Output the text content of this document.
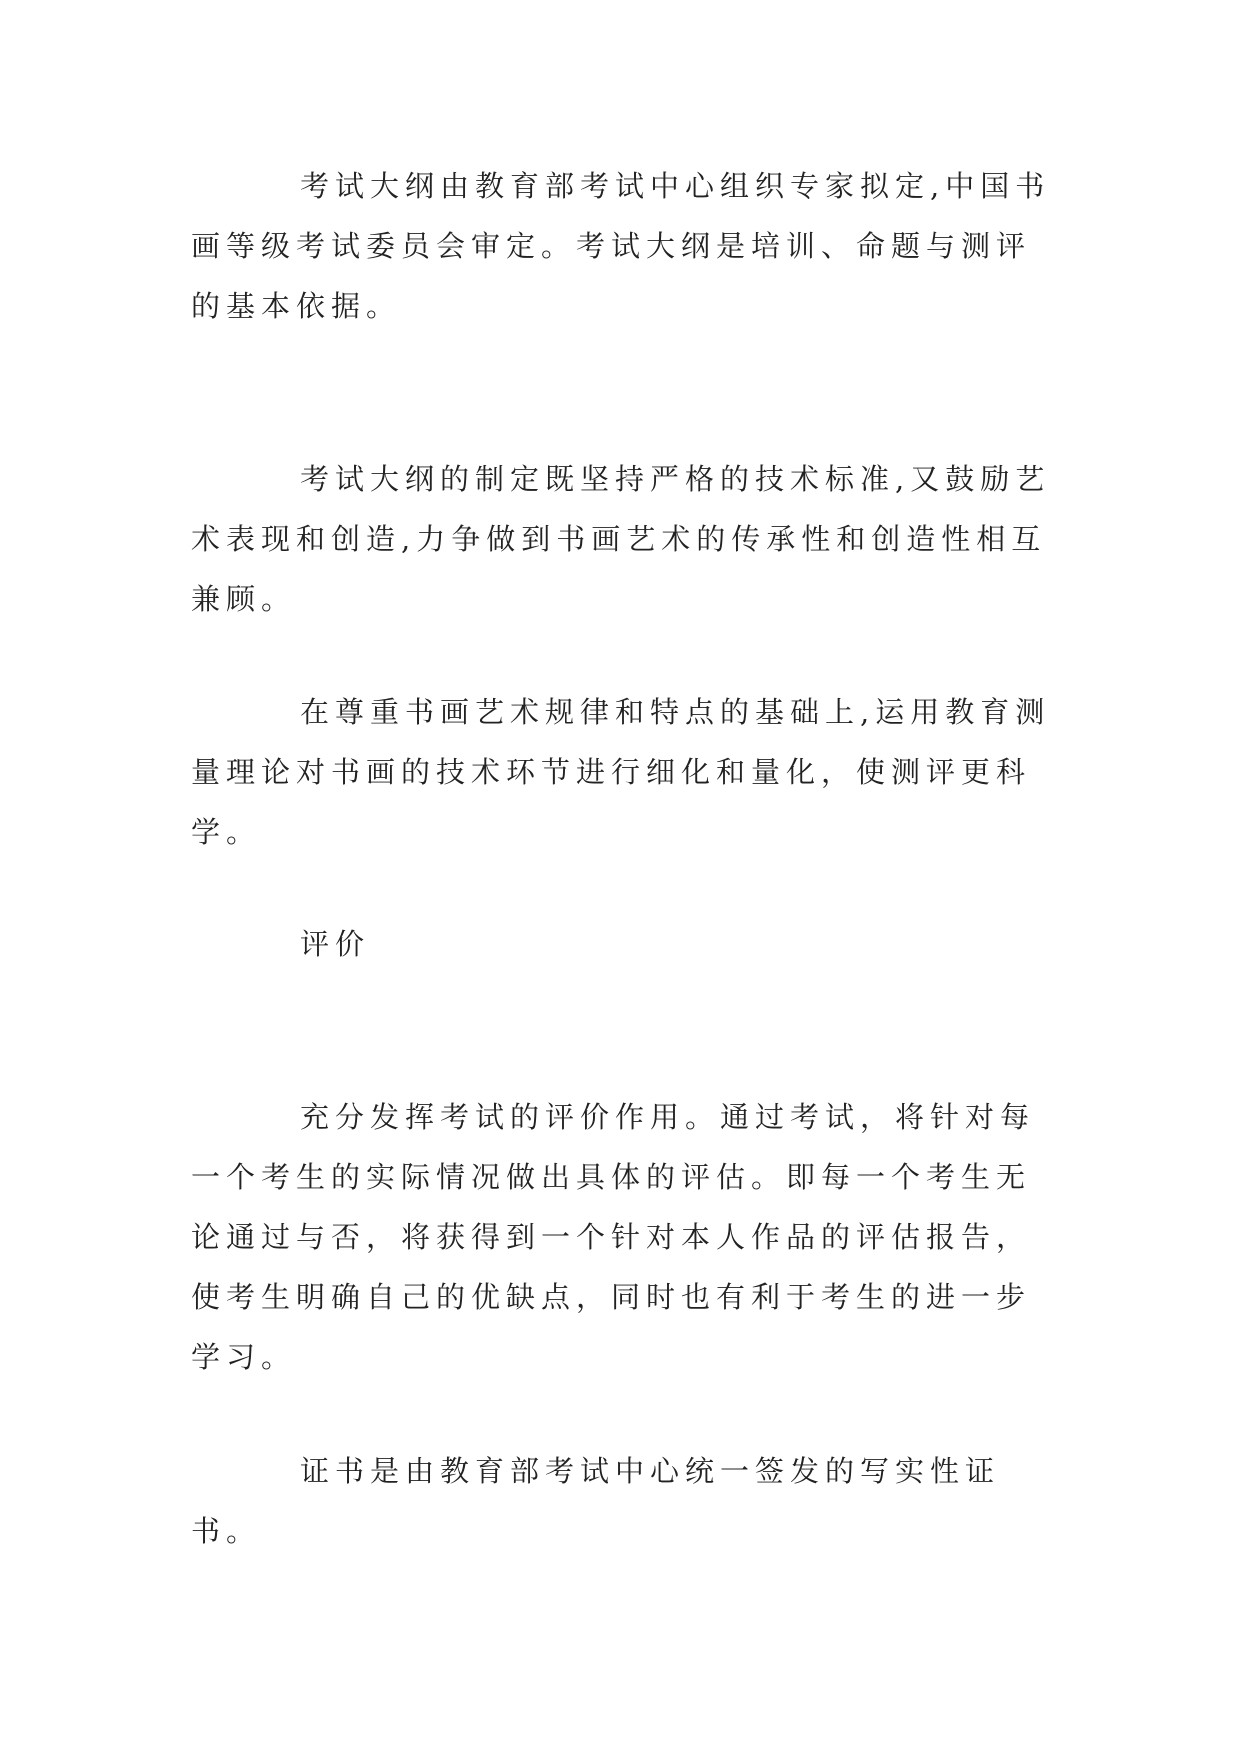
考试大纲由教育部考试中心组织专家拟定,中国书画等级考试委员会审定。考试大纲是培训、命题与测评的基本依据。

考试大纲的制定既坚持严格的技术标准,又鼓励艺术表现和创造,力争做到书画艺术的传承性和创造性相互兼顾。

在尊重书画艺术规律和特点的基础上,运用教育测量理论对书画的技术环节进行细化和量化，使测评更科学。

评价

充分发挥考试的评价作用。通过考试，将针对每一个考生的实际情况做出具体的评估。即每一个考生无论通过与否，将获得到一个针对本人作品的评估报告，使考生明确自己的优缺点，同时也有利于考生的进一步学习。

证书是由教育部考试中心统一签发的写实性证书。
